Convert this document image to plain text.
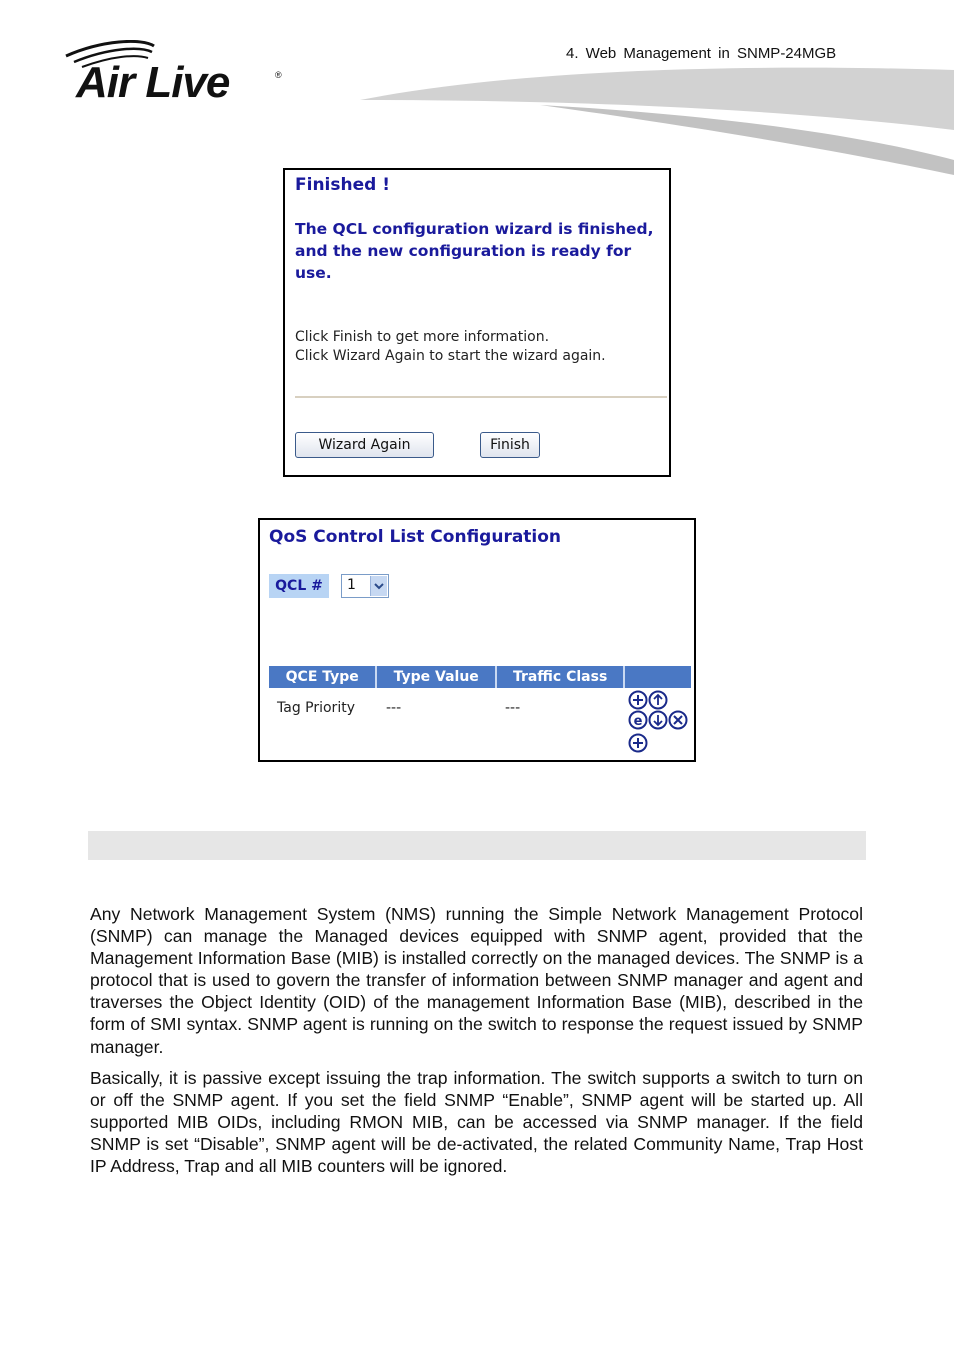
4. Web Management in SNMP-24MGB
Air Live	®
Finished !
The QCL configuration wizard is finished,
and the new configuration is ready for use.
Click Finish to get more information.
Click Wizard Again to start the wizard again.
Wizard Again	Finish
QoS Control List Configuration
QCL #	1
QCE Type	Type Value	Traffic Class
Tag Priority ---	---
e
Any Network Management System (NMS) running the Simple Network Management Protocol (SNMP) can manage the Managed devices equipped with SNMP agent, provided that the Management Information Base (MIB) is installed correctly on the managed devices. The SNMP is a protocol that is used to govern the transfer of information between SNMP manager and agent and traverses the Object Identity (OID) of the management Information Base (MIB), described in the form of SMI syntax. SNMP agent is running on the switch to response the request issued by SNMP manager.
Basically, it is passive except issuing the trap information. The switch supports a switch to turn on or off the SNMP agent. If you set the field SNMP “Enable”, SNMP agent will be started up. All supported MIB OIDs, including RMON MIB, can be accessed via SNMP manager. If the field SNMP is set “Disable”, SNMP agent will be de-activated, the related Community Name, Trap Host IP Address, Trap and all MIB counters will be ignored.
